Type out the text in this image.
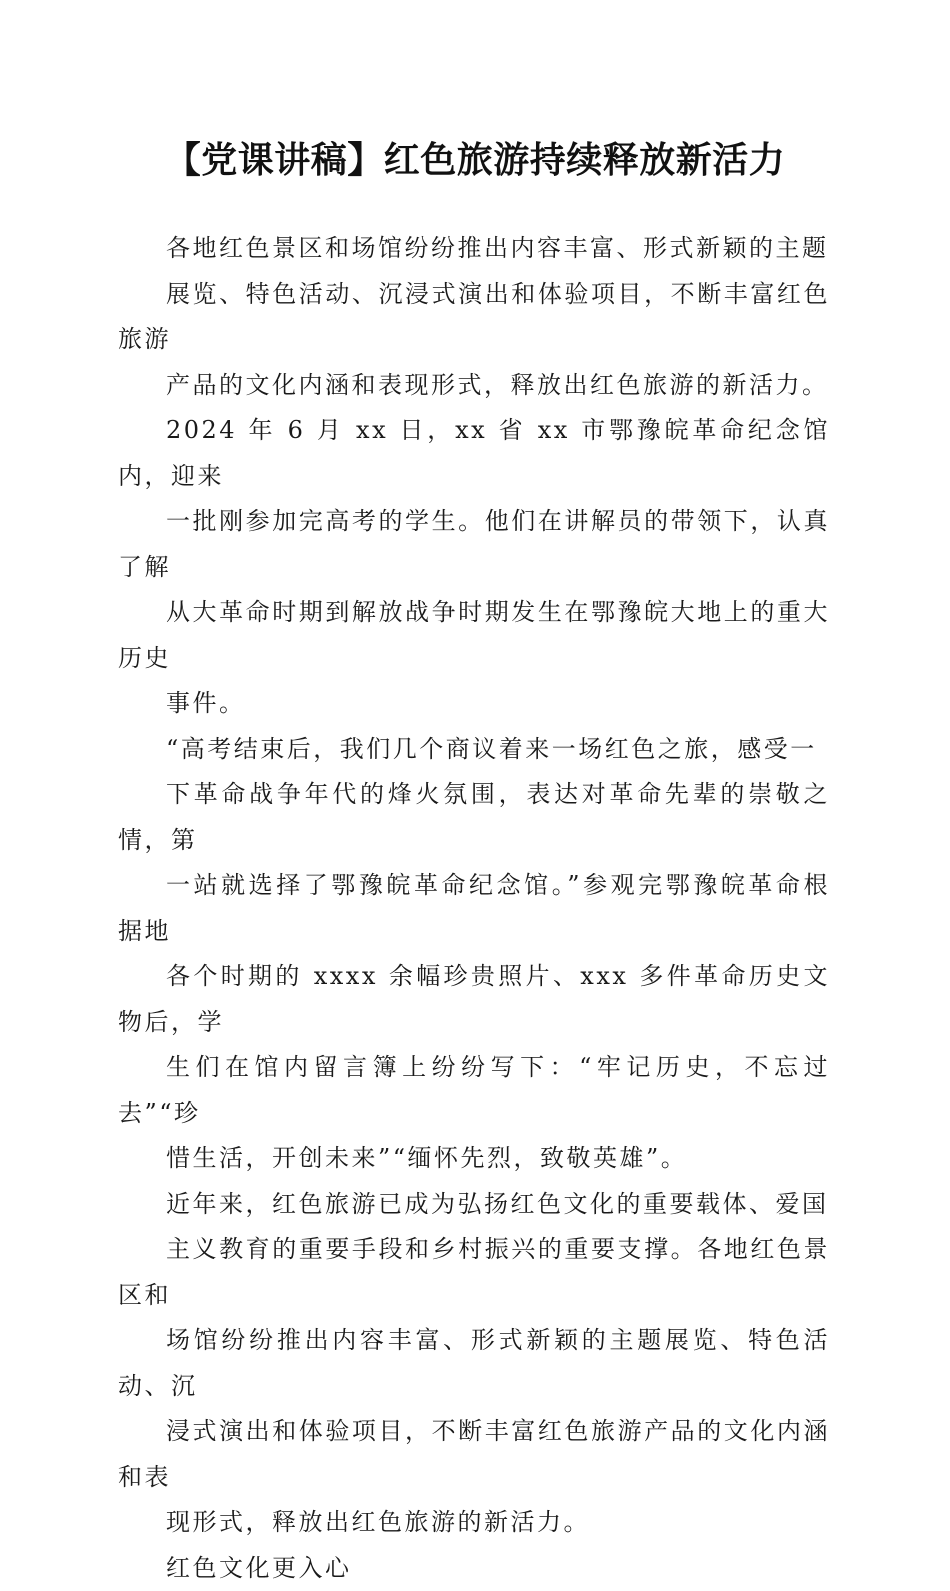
【党课讲稿】红色旅游持续释放新活力
各地红色景区和场馆纷纷推出内容丰富、形式新颖的主题
展览、特色活动、沉浸式演出和体验项目，不断丰富红色旅游
产品的文化内涵和表现形式，释放出红色旅游的新活力。
2024 年 6 月 xx 日，xx 省 xx 市鄂豫皖革命纪念馆内，迎来
一批刚参加完高考的学生。他们在讲解员的带领下，认真了解
从大革命时期到解放战争时期发生在鄂豫皖大地上的重大历史
事件。
“高考结束后，我们几个商议着来一场红色之旅，感受一
下革命战争年代的烽火氛围，表达对革命先辈的崇敬之情，第
一站就选择了鄂豫皖革命纪念馆。”参观完鄂豫皖革命根据地
各个时期的 xxxx 余幅珍贵照片、xxx 多件革命历史文物后，学
生们在馆内留言簿上纷纷写下：“牢记历史，不忘过去”“珍
惜生活，开创未来”“缅怀先烈，致敬英雄”。
近年来，红色旅游已成为弘扬红色文化的重要载体、爱国
主义教育的重要手段和乡村振兴的重要支撑。各地红色景区和
场馆纷纷推出内容丰富、形式新颖的主题展览、特色活动、沉
浸式演出和体验项目，不断丰富红色旅游产品的文化内涵和表
现形式，释放出红色旅游的新活力。
红色文化更入心
